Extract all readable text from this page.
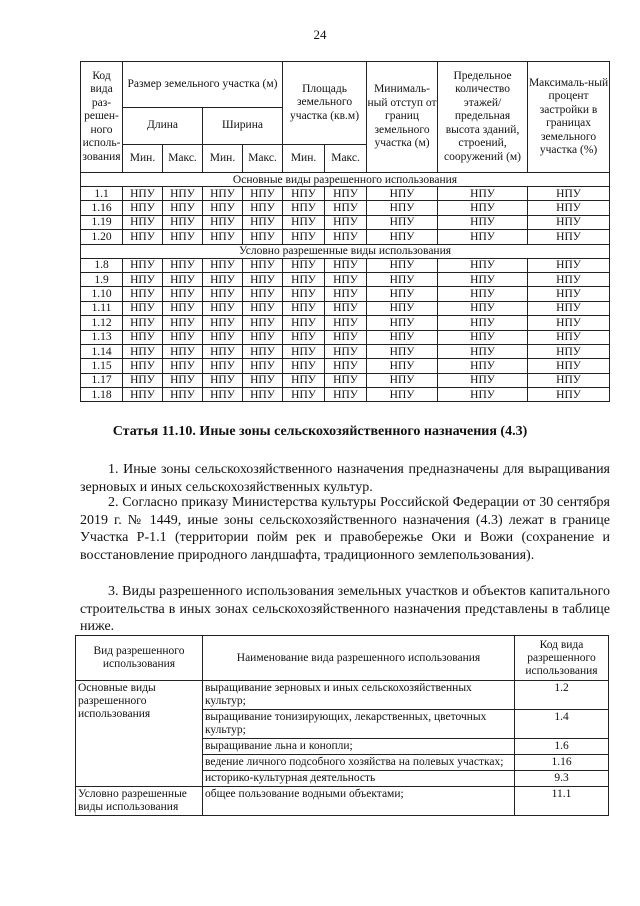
24
Код вида раз-решен-ного исполь-зования	Размер земельного участка (м)				Площадь земельного участка (кв.м)		Минималь-ный отступ от границ земельного участка (м)	Предельное количество этажей/ предельная высота зданий, строений, сооружений (м)	Максималь-ный процент застройки в границах земельного участка (%)
	Длина		Ширина						
	Мин.	Макс.	Мин.	Макс.	Мин.	Макс.			
Основные виды разрешенного использования									
1.1	НПУ	НПУ	НПУ	НПУ	НПУ	НПУ	НПУ	НПУ	НПУ
1.16	НПУ	НПУ	НПУ	НПУ	НПУ	НПУ	НПУ	НПУ	НПУ
1.19	НПУ	НПУ	НПУ	НПУ	НПУ	НПУ	НПУ	НПУ	НПУ
1.20	НПУ	НПУ	НПУ	НПУ	НПУ	НПУ	НПУ	НПУ	НПУ
Условно разрешенные виды использования									
1.8	НПУ	НПУ	НПУ	НПУ	НПУ	НПУ	НПУ	НПУ	НПУ
1.9	НПУ	НПУ	НПУ	НПУ	НПУ	НПУ	НПУ	НПУ	НПУ
1.10	НПУ	НПУ	НПУ	НПУ	НПУ	НПУ	НПУ	НПУ	НПУ
1.11	НПУ	НПУ	НПУ	НПУ	НПУ	НПУ	НПУ	НПУ	НПУ
1.12	НПУ	НПУ	НПУ	НПУ	НПУ	НПУ	НПУ	НПУ	НПУ
1.13	НПУ	НПУ	НПУ	НПУ	НПУ	НПУ	НПУ	НПУ	НПУ
1.14	НПУ	НПУ	НПУ	НПУ	НПУ	НПУ	НПУ	НПУ	НПУ
1.15	НПУ	НПУ	НПУ	НПУ	НПУ	НПУ	НПУ	НПУ	НПУ
1.17	НПУ	НПУ	НПУ	НПУ	НПУ	НПУ	НПУ	НПУ	НПУ
1.18	НПУ	НПУ	НПУ	НПУ	НПУ	НПУ	НПУ	НПУ	НПУ
Статья 11.10. Иные зоны сельскохозяйственного назначения (4.3)

1. Иные зоны сельскохозяйственного назначения предназначены для выращивания зерновых и иных сельскохозяйственных культур.

2. Согласно приказу Министерства культуры Российской Федерации от 30 сентября 2019 г. № 1449, иные зоны сельскохозяйственного назначения (4.3) лежат в границе Участка Р-1.1 (территории пойм рек и правобережье Оки и Вожи (сохранение и восстановление природного ландшафта, традиционного землепользования).

3. Виды разрешенного использования земельных участков и объектов капитального строительства в иных зонах сельскохозяйственного назначения представлены в таблице ниже.

Вид разрешенного использования	Наименование вида разрешенного использования	Код вида разрешенного использования
Основные виды разрешенного использования	выращивание зерновых и иных сельскохозяйственных культур;	1.2
	выращивание тонизирующих, лекарственных, цветочных культур;	1.4
	выращивание льна и конопли;	1.6
	ведение личного подсобного хозяйства на полевых участках;	1.16
	историко-культурная деятельность	9.3
Условно разрешенные виды использования	общее пользование водными объектами;	11.1
